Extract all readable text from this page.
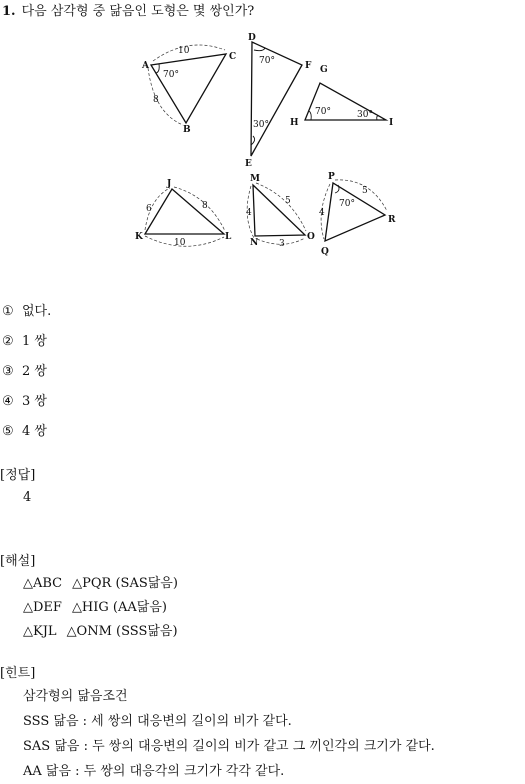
1. 다음 삼각형 중 닮음인 도형은 몇 쌍인가?
A
B
C
D
E
F G
H	I
J
K	L
M
N
O
P
Q
R
10
8
70°
70°
30°
70°	30°
6	8
10
4
5
3
4
5
70°
① 없다.
② 1 쌍
③ 2 쌍
④ 3 쌍
⑤ 4 쌍
[정답]
4
[해설]
△ABC △PQR (SAS닮음)
△DEF △HIG (AA닮음)
△KJL △ONM (SSS닮음)
[힌트]
삼각형의 닮음조건
SSS 닮음 : 세 쌍의 대응변의 길이의 비가 같다.
SAS 닮음 : 두 쌍의 대응변의 길이의 비가 같고 그 끼인각의 크기가 같다.
AA 닮음 : 두 쌍의 대응각의 크기가 각각 같다.
